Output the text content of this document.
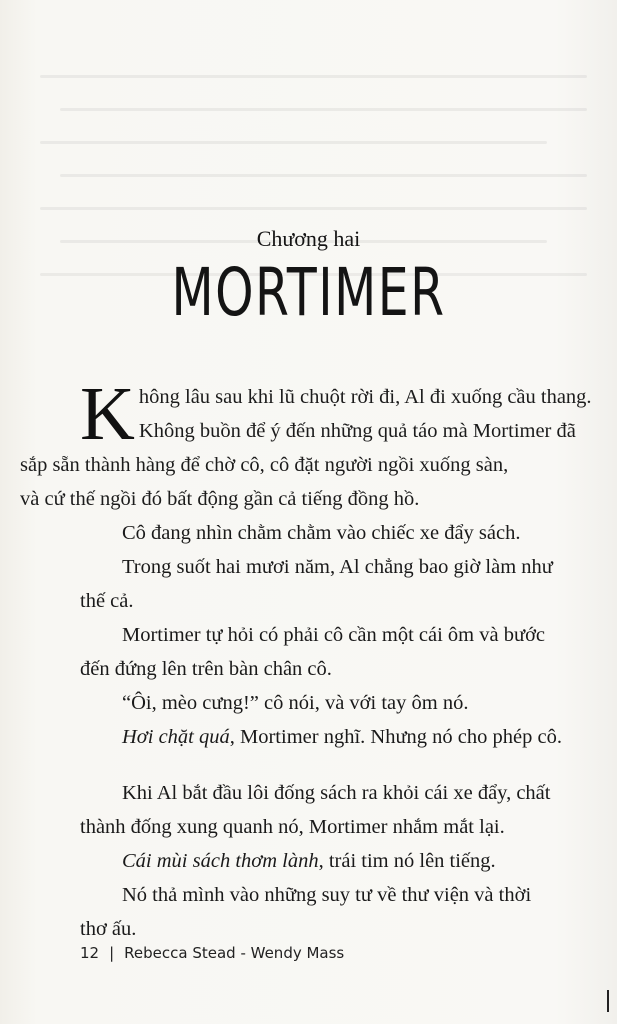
Chương hai
MORTIMER

K hông lâu sau khi lũ chuột rời đi, Al đi xuống cầu thang.
Không buồn để ý đến những quả táo mà Mortimer đã
sắp sẵn thành hàng để chờ cô, cô đặt người ngồi xuống sàn,
và cứ thế ngồi đó bất động gần cả tiếng đồng hồ.

Cô đang nhìn chằm chằm vào chiếc xe đẩy sách.
Trong suốt hai mươi năm, Al chẳng bao giờ làm như
thế cả.
Mortimer tự hỏi có phải cô cần một cái ôm và bước
đến đứng lên trên bàn chân cô.
“Ôi, mèo cưng!” cô nói, và với tay ôm nó.
Hơi chặt quá, Mortimer nghĩ. Nhưng nó cho phép cô.
Khi Al bắt đầu lôi đống sách ra khỏi cái xe đẩy, chất
thành đống xung quanh nó, Mortimer nhắm mắt lại.
Cái mùi sách thơm lành, trái tim nó lên tiếng.
Nó thả mình vào những suy tư về thư viện và thời
thơ ấu.
12 | Rebecca Stead - Wendy Mass
